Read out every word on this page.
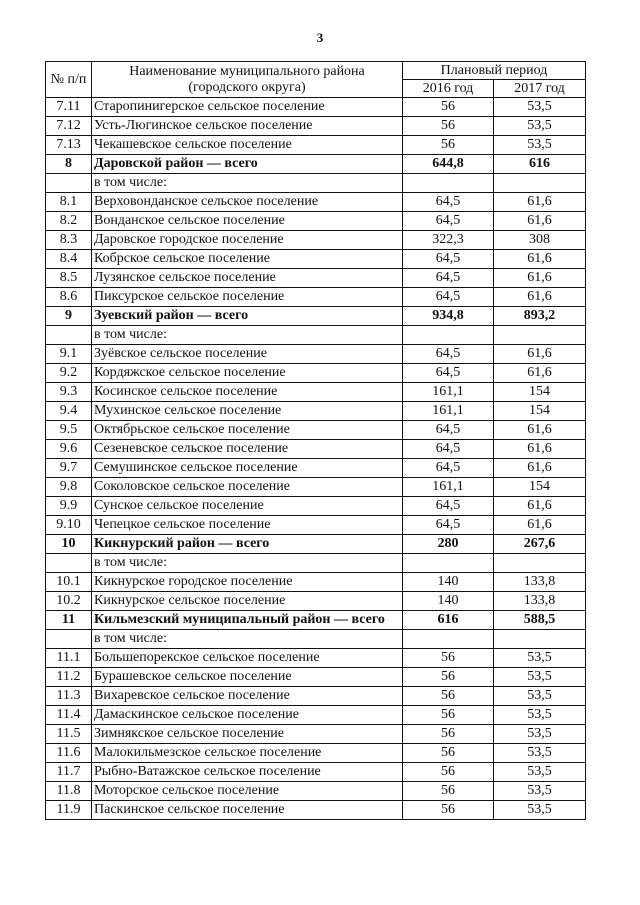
3
№ п/п	Наименование муниципального района
(городского округа)	Плановый период	
		2016 год	2017 год
7.11	Старопинигерское сельское поселение	56	53,5
7.12	Усть-Люгинское сельское поселение	56	53,5
7.13	Чекашевское сельское поселение	56	53,5
8	Даровской район — всего	644,8	616
	в том числе:		
8.1	Верховонданское сельское поселение	64,5	61,6
8.2	Вонданское сельское поселение	64,5	61,6
8.3	Даровское городское поселение	322,3	308
8.4	Кобрское сельское поселение	64,5	61,6
8.5	Лузянское сельское поселение	64,5	61,6
8.6	Пиксурское сельское поселение	64,5	61,6
9	Зуевский район — всего	934,8	893,2
	в том числе:		
9.1	Зуёвское сельское поселение	64,5	61,6
9.2	Кордяжское сельское поселение	64,5	61,6
9.3	Косинское сельское поселение	161,1	154
9.4	Мухинское сельское поселение	161,1	154
9.5	Октябрьское сельское поселение	64,5	61,6
9.6	Сезеневское сельское поселение	64,5	61,6
9.7	Семушинское сельское поселение	64,5	61,6
9.8	Соколовское сельское поселение	161,1	154
9.9	Сунское сельское поселение	64,5	61,6
9.10	Чепецкое сельское поселение	64,5	61,6
10	Кикнурский район — всего	280	267,6
	в том числе:		
10.1	Кикнурское городское поселение	140	133,8
10.2	Кикнурское сельское поселение	140	133,8
11	Кильмезский муниципальный район — всего	616	588,5
	в том числе:		
11.1	Большепорекское сельское поселение	56	53,5
11.2	Бурашевское сельское поселение	56	53,5
11.3	Вихаревское сельское поселение	56	53,5
11.4	Дамаскинское сельское поселение	56	53,5
11.5	Зимнякское сельское поселение	56	53,5
11.6	Малокильмезское сельское поселение	56	53,5
11.7	Рыбно-Ватажское сельское поселение	56	53,5
11.8	Моторское сельское поселение	56	53,5
11.9	Паскинское сельское поселение	56	53,5
